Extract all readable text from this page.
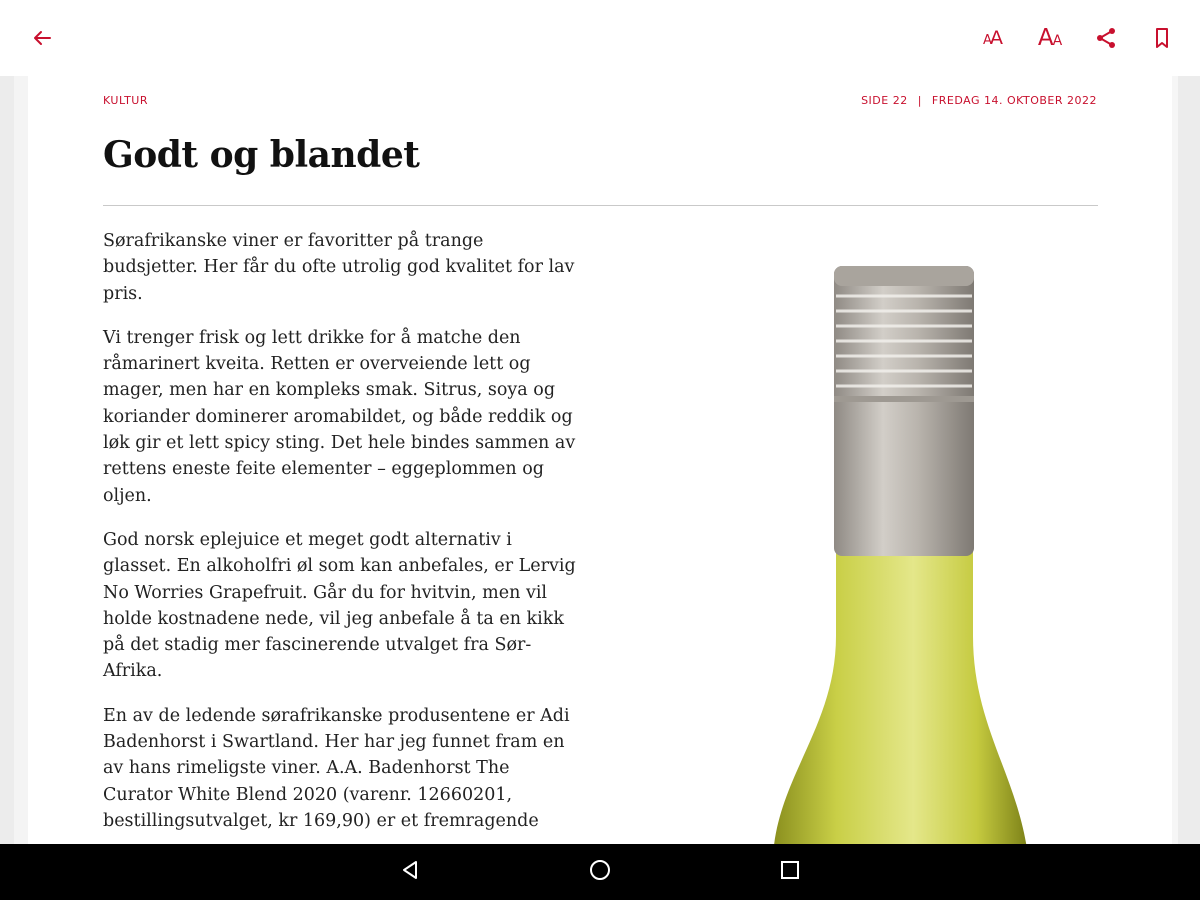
A
A A A
KULTUR	SIDE 22 | FREDAG 14. OKTOBER 2022
Godt og blandet

Sørafrikanske viner er favoritter på trange budsjetter. Her får du ofte utrolig god kvalitet for lav pris.

Vi trenger frisk og lett drikke for å matche den råmarinert kveita. Retten er overveiende lett og mager, men har en kompleks smak. Sitrus, soya og koriander dominerer aromabildet, og både reddik og løk gir et lett spicy sting. Det hele bindes sammen av rettens eneste feite elementer – eggeplommen og oljen.

God norsk eplejuice et meget godt alternativ i glasset. En alkoholfri øl som kan anbefales, er Lervig No Worries Grapefruit. Går du for hvitvin, men vil holde kostnadene nede, vil jeg anbefale å ta en kikk på det stadig mer fascinerende utvalget fra Sør-Afrika.

En av de ledende sørafrikanske produsentene er Adi Badenhorst i Swartland. Her har jeg funnet fram en av hans rimeligste viner. A.A. Badenhorst The Curator White Blend 2020 (varenr. 12660201, bestillingsutvalget, kr 169,90) er et fremragende
